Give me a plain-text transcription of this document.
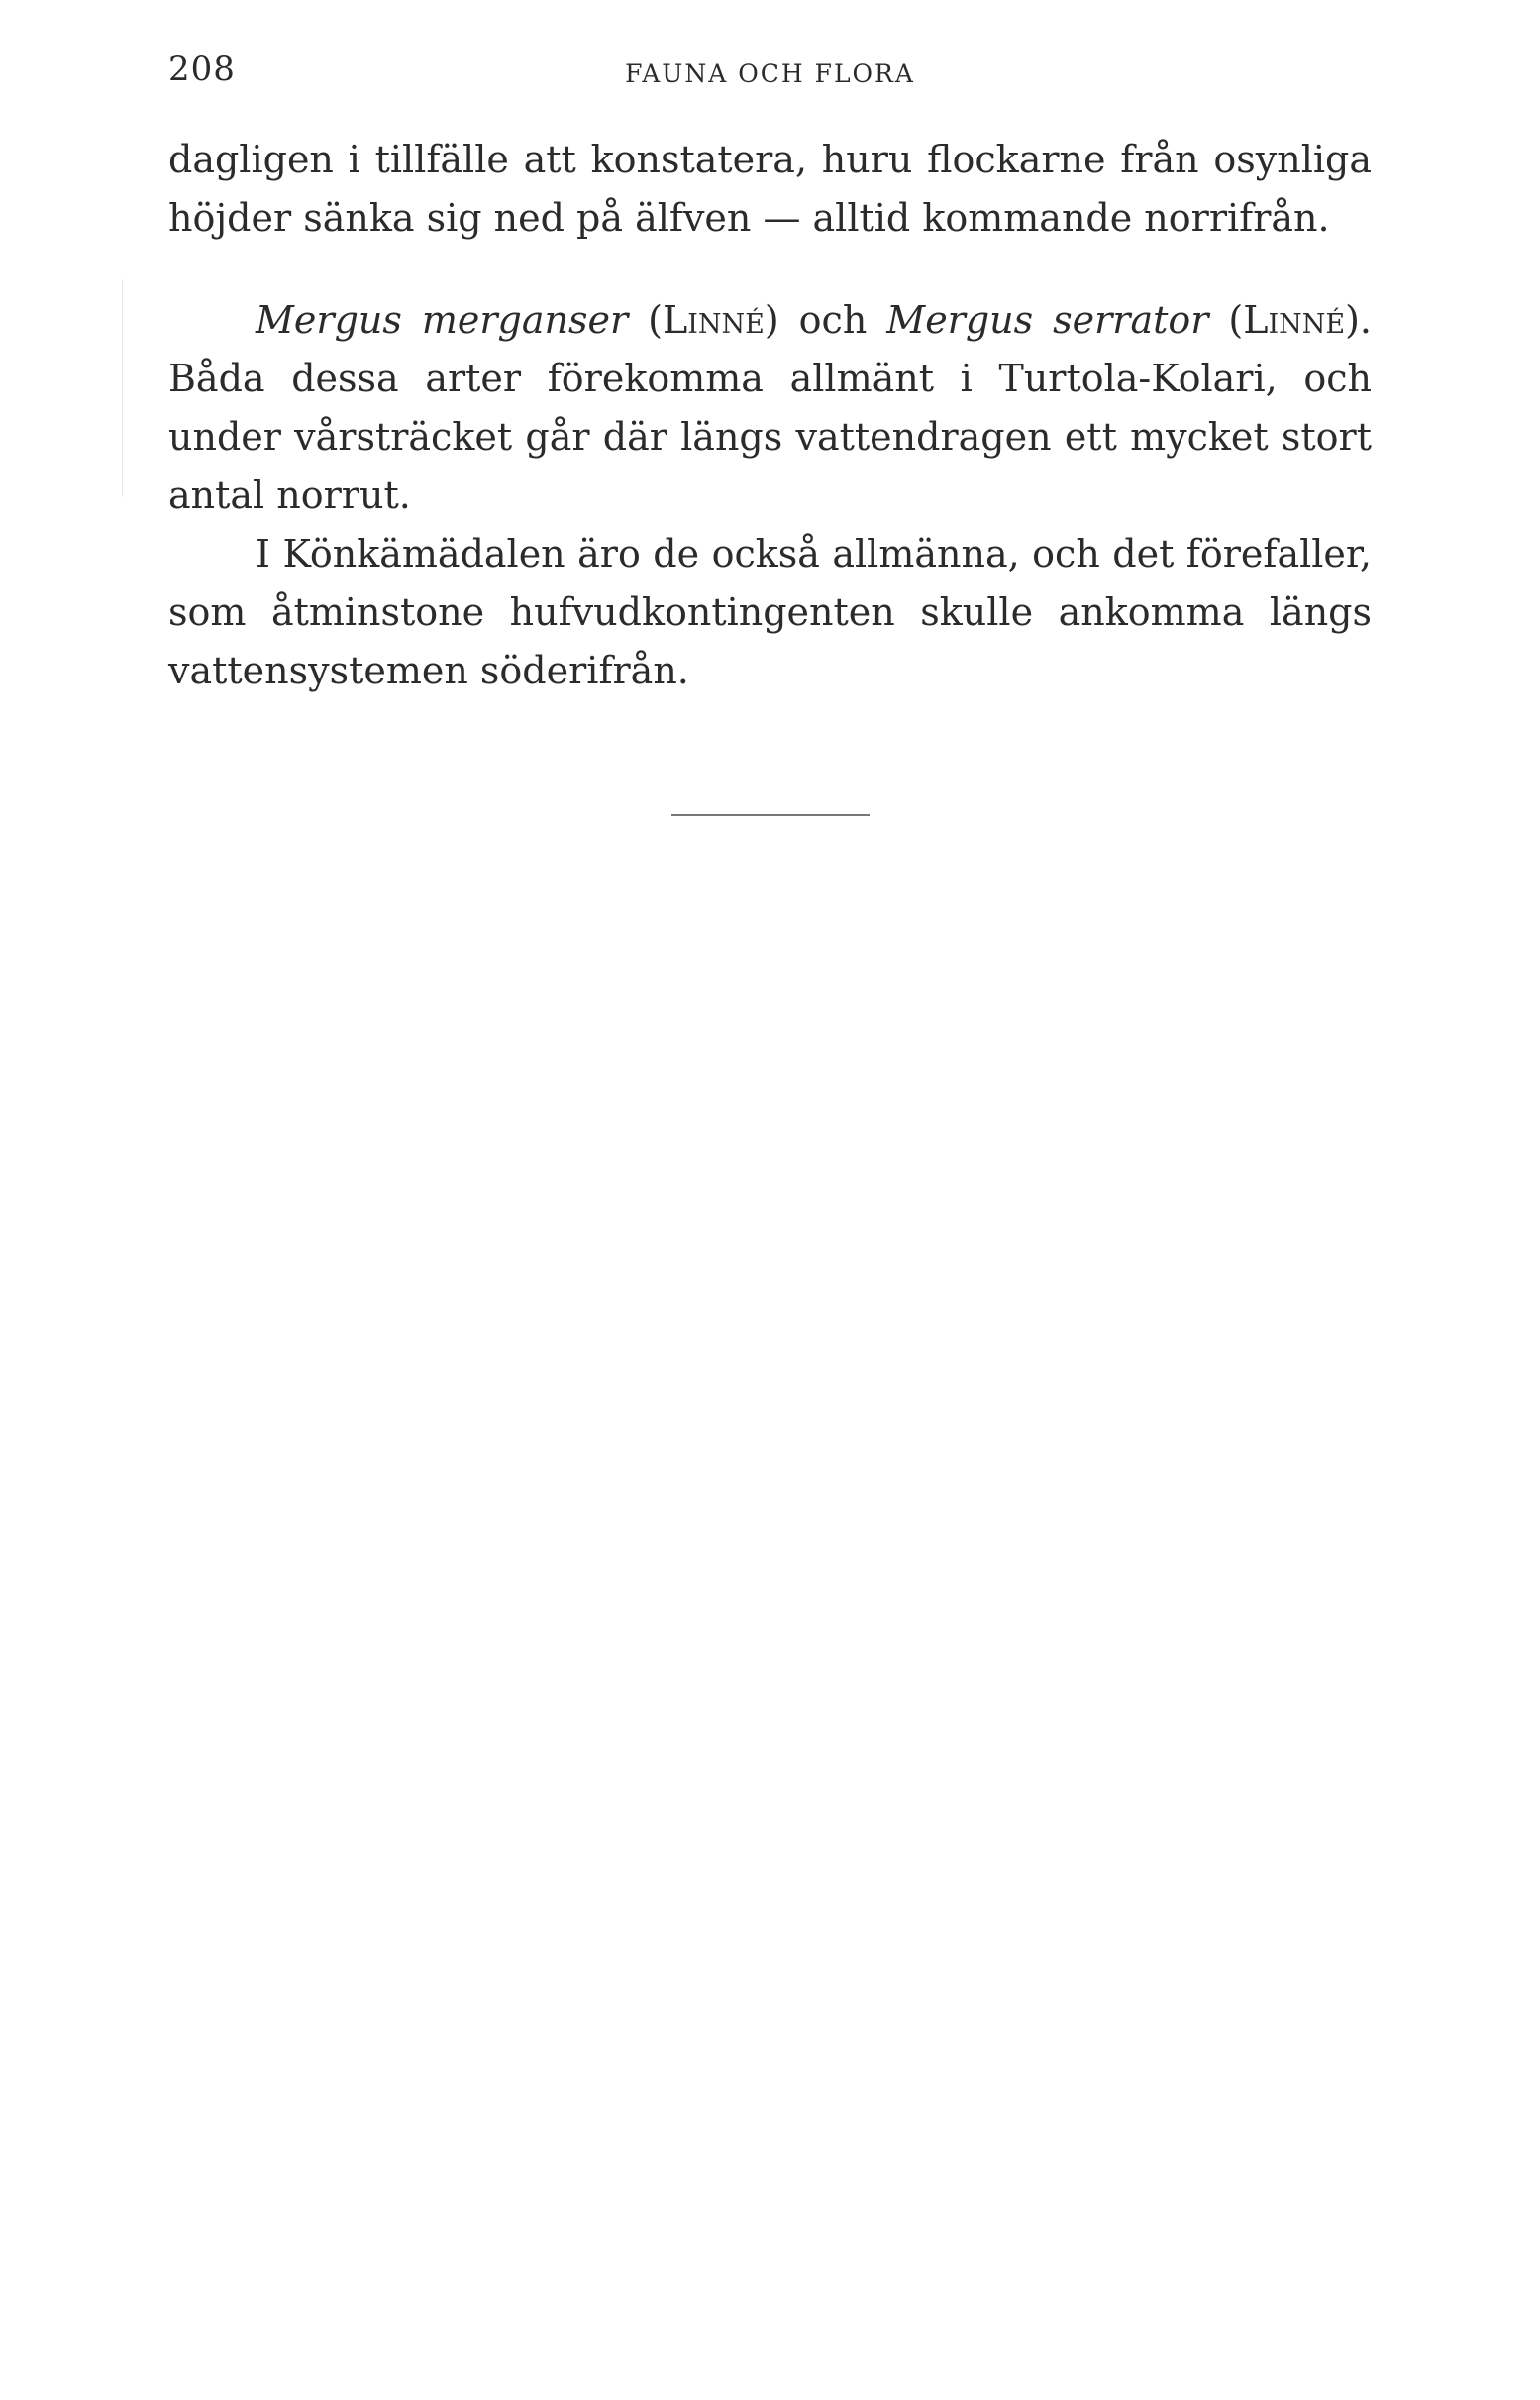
208	FAUNA OCH FLORA

dagligen i tillfälle att konstatera, huru flockarne från osynliga höjder sänka sig ned på älfven — alltid kommande norrifrån.

Mergus merganser (Linné) och Mergus serrator (Linné). Båda dessa arter förekomma allmänt i Turtola-Kolari, och under vårsträcket går där längs vattendragen ett mycket stort antal norrut.

I Könkämädalen äro de också allmänna, och det förefaller, som åtminstone hufvudkontingenten skulle ankomma längs vattensystemen söderifrån.
